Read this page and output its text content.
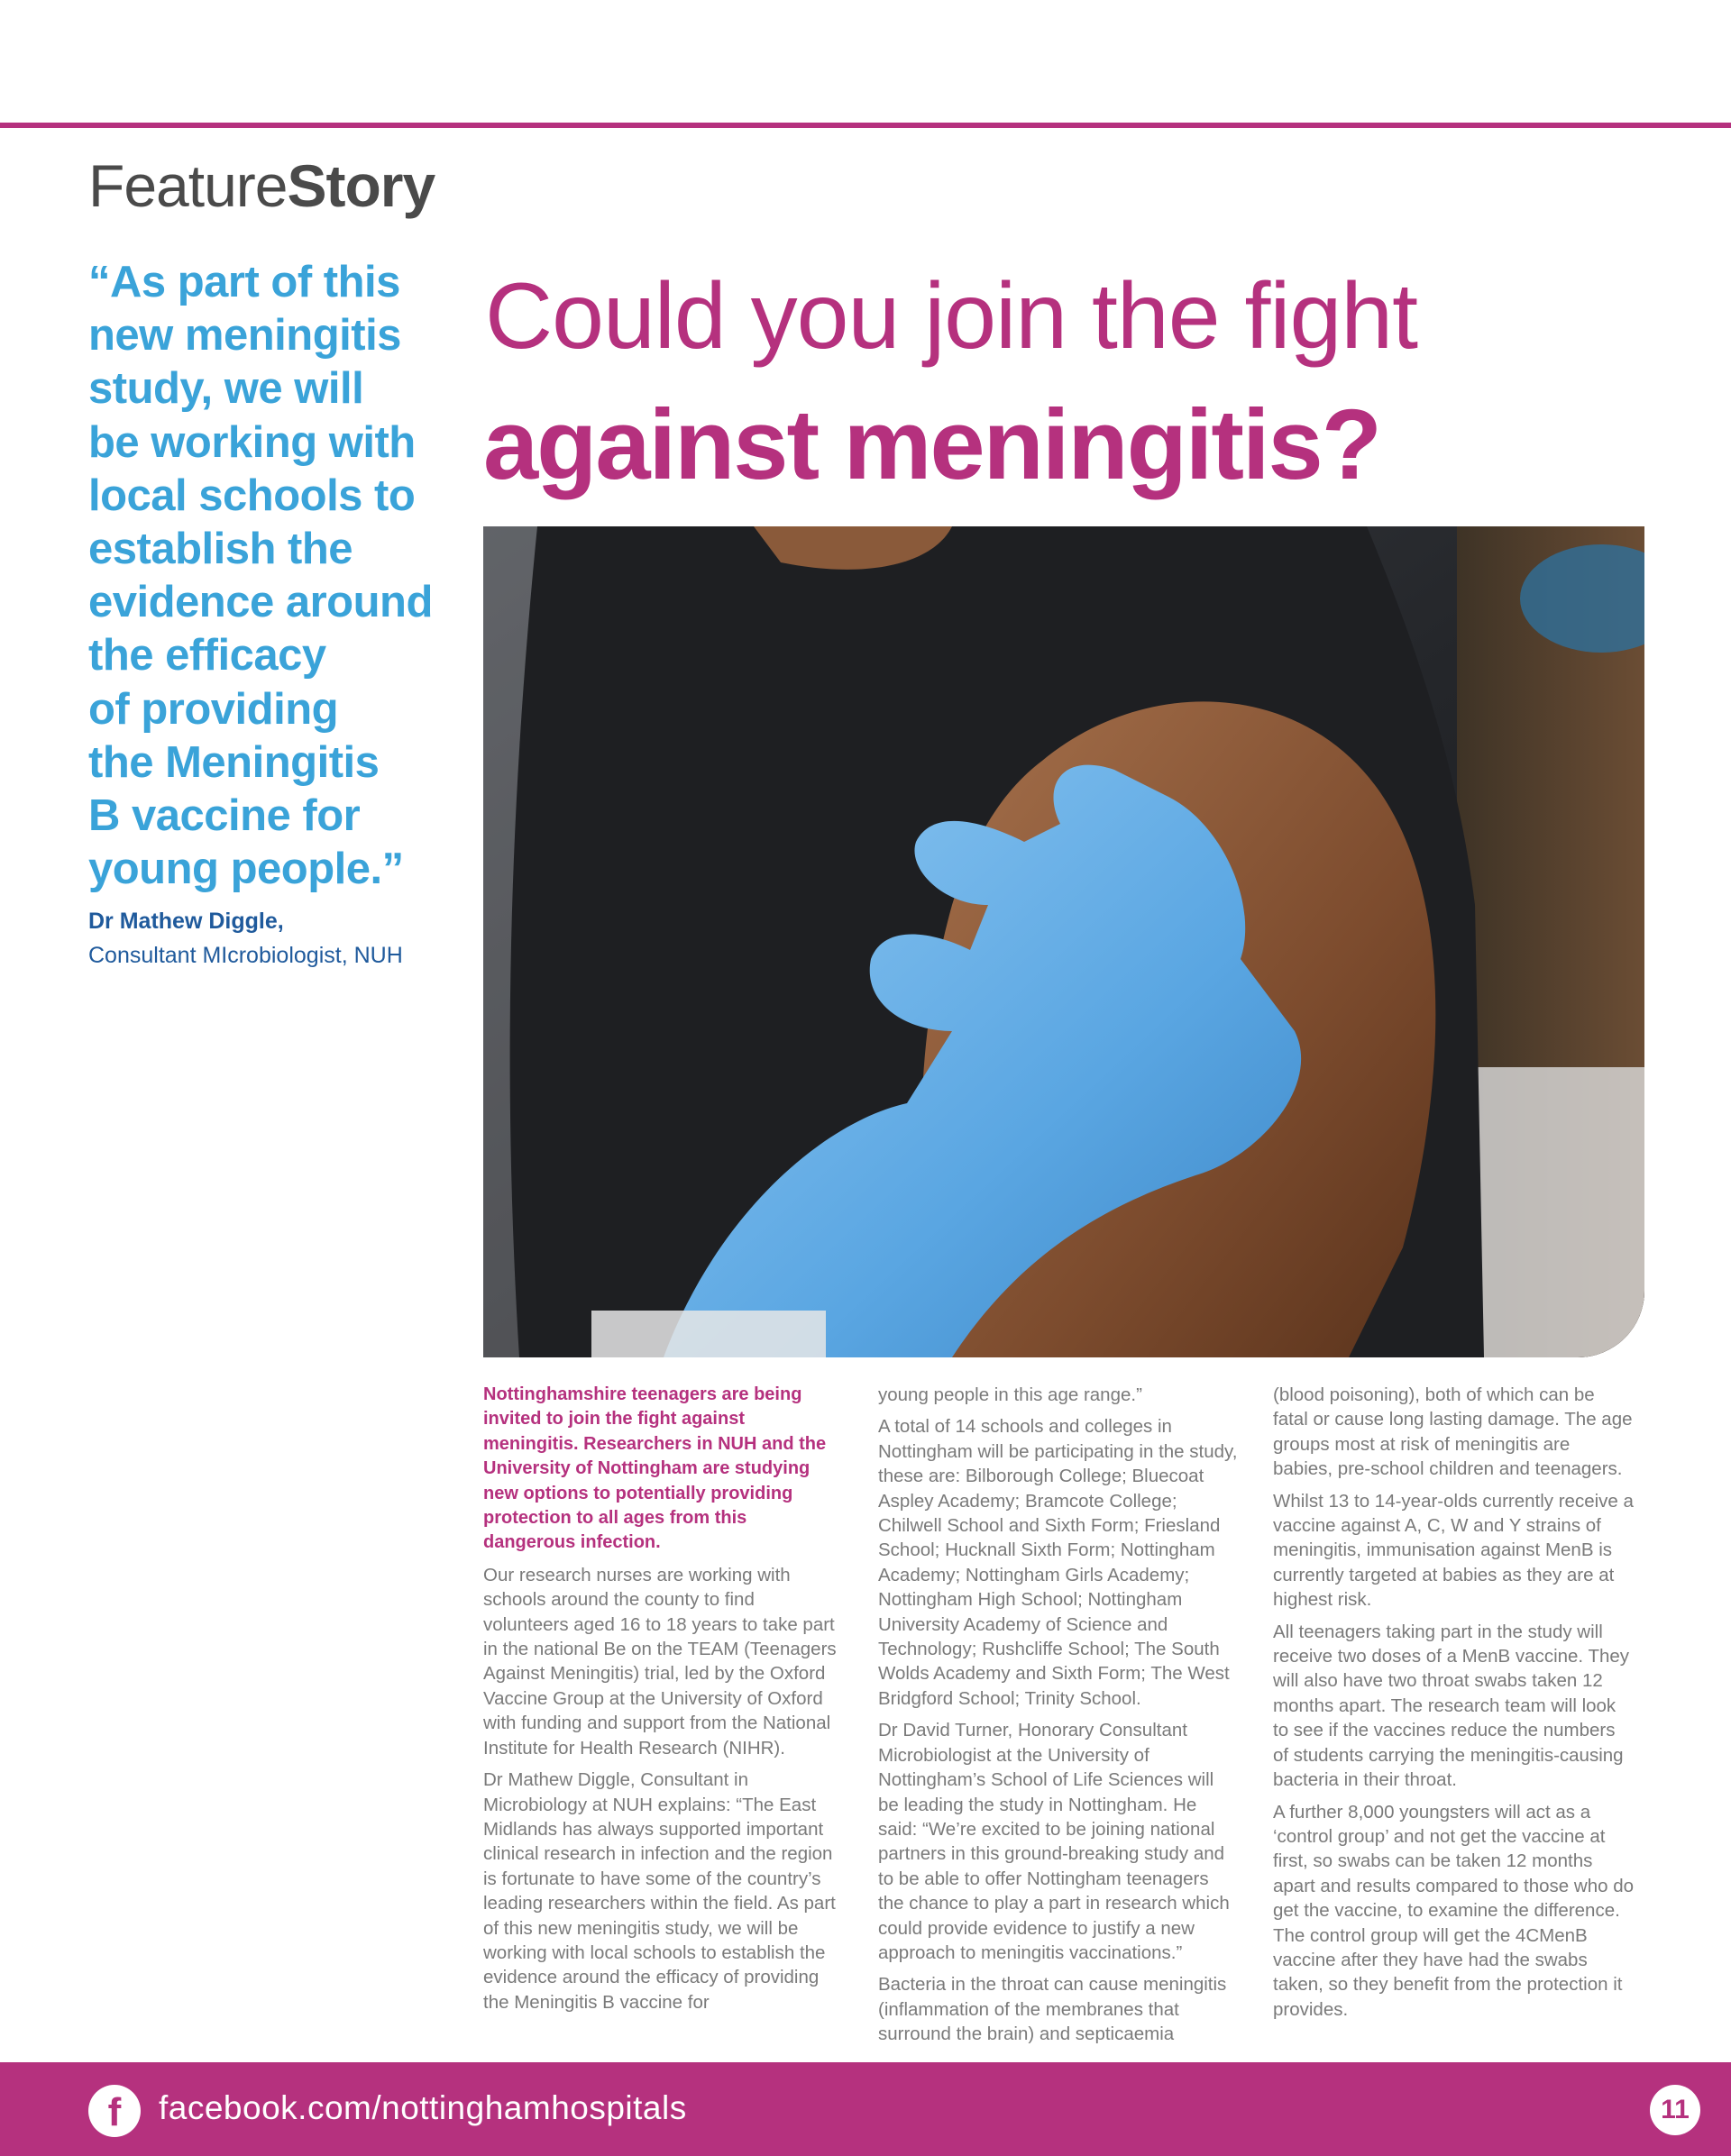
FeatureStory
“As part of this
new meningitis
study, we will
be working with
local schools to
establish the
evidence around
the efficacy
of providing
the Meningitis
B vaccine for
young people.”
Dr Mathew Diggle,
Consultant MIcrobiologist, NUH
Could you join the fight
against meningitis?

Nottinghamshire teenagers are being invited to join the fight against meningitis. Researchers in NUH and the University of Nottingham are studying new options to potentially providing protection to all ages from this dangerous infection.

Our research nurses are working with schools around the county to find volunteers aged 16 to 18 years to take part in the national Be on the TEAM (Teenagers Against Meningitis) trial, led by the Oxford Vaccine Group at the University of Oxford with funding and support from the National Institute for Health Research (NIHR).

Dr Mathew Diggle, Consultant in Microbiology at NUH explains: “The East Midlands has always supported important clinical research in infection and the region is fortunate to have some of the country’s leading researchers within the field. As part of this new meningitis study, we will be working with local schools to establish the evidence around the efficacy of providing the Meningitis B vaccine for

young people in this age range.”

A total of 14 schools and colleges in Nottingham will be participating in the study, these are: Bilborough College; Bluecoat Aspley Academy; Bramcote College; Chilwell School and Sixth Form; Friesland School; Hucknall Sixth Form; Nottingham Academy; Nottingham Girls Academy; Nottingham High School; Nottingham University Academy of Science and Technology; Rushcliffe School; The South Wolds Academy and Sixth Form; The West Bridgford School; Trinity School.

Dr David Turner, Honorary Consultant Microbiologist at the University of Nottingham’s School of Life Sciences will be leading the study in Nottingham. He said: “We’re excited to be joining national partners in this ground-breaking study and to be able to offer Nottingham teenagers the chance to play a part in research which could provide evidence to justify a new approach to meningitis vaccinations.”

Bacteria in the throat can cause meningitis (inflammation of the membranes that surround the brain) and septicaemia

(blood poisoning), both of which can be fatal or cause long lasting damage. The age groups most at risk of meningitis are babies, pre-school children and teenagers.

Whilst 13 to 14-year-olds currently receive a vaccine against A, C, W and Y strains of meningitis, immunisation against MenB is currently targeted at babies as they are at highest risk.

All teenagers taking part in the study will receive two doses of a MenB vaccine. They will also have two throat swabs taken 12 months apart. The research team will look to see if the vaccines reduce the numbers of students carrying the meningitis-causing bacteria in their throat.

A further 8,000 youngsters will act as a ‘control group’ and not get the vaccine at first, so swabs can be taken 12 months apart and results compared to those who do get the vaccine, to examine the difference. The control group will get the 4CMenB vaccine after they have had the swabs taken, so they benefit from the protection it provides.

f	facebook.com/nottinghamhospitals	11
